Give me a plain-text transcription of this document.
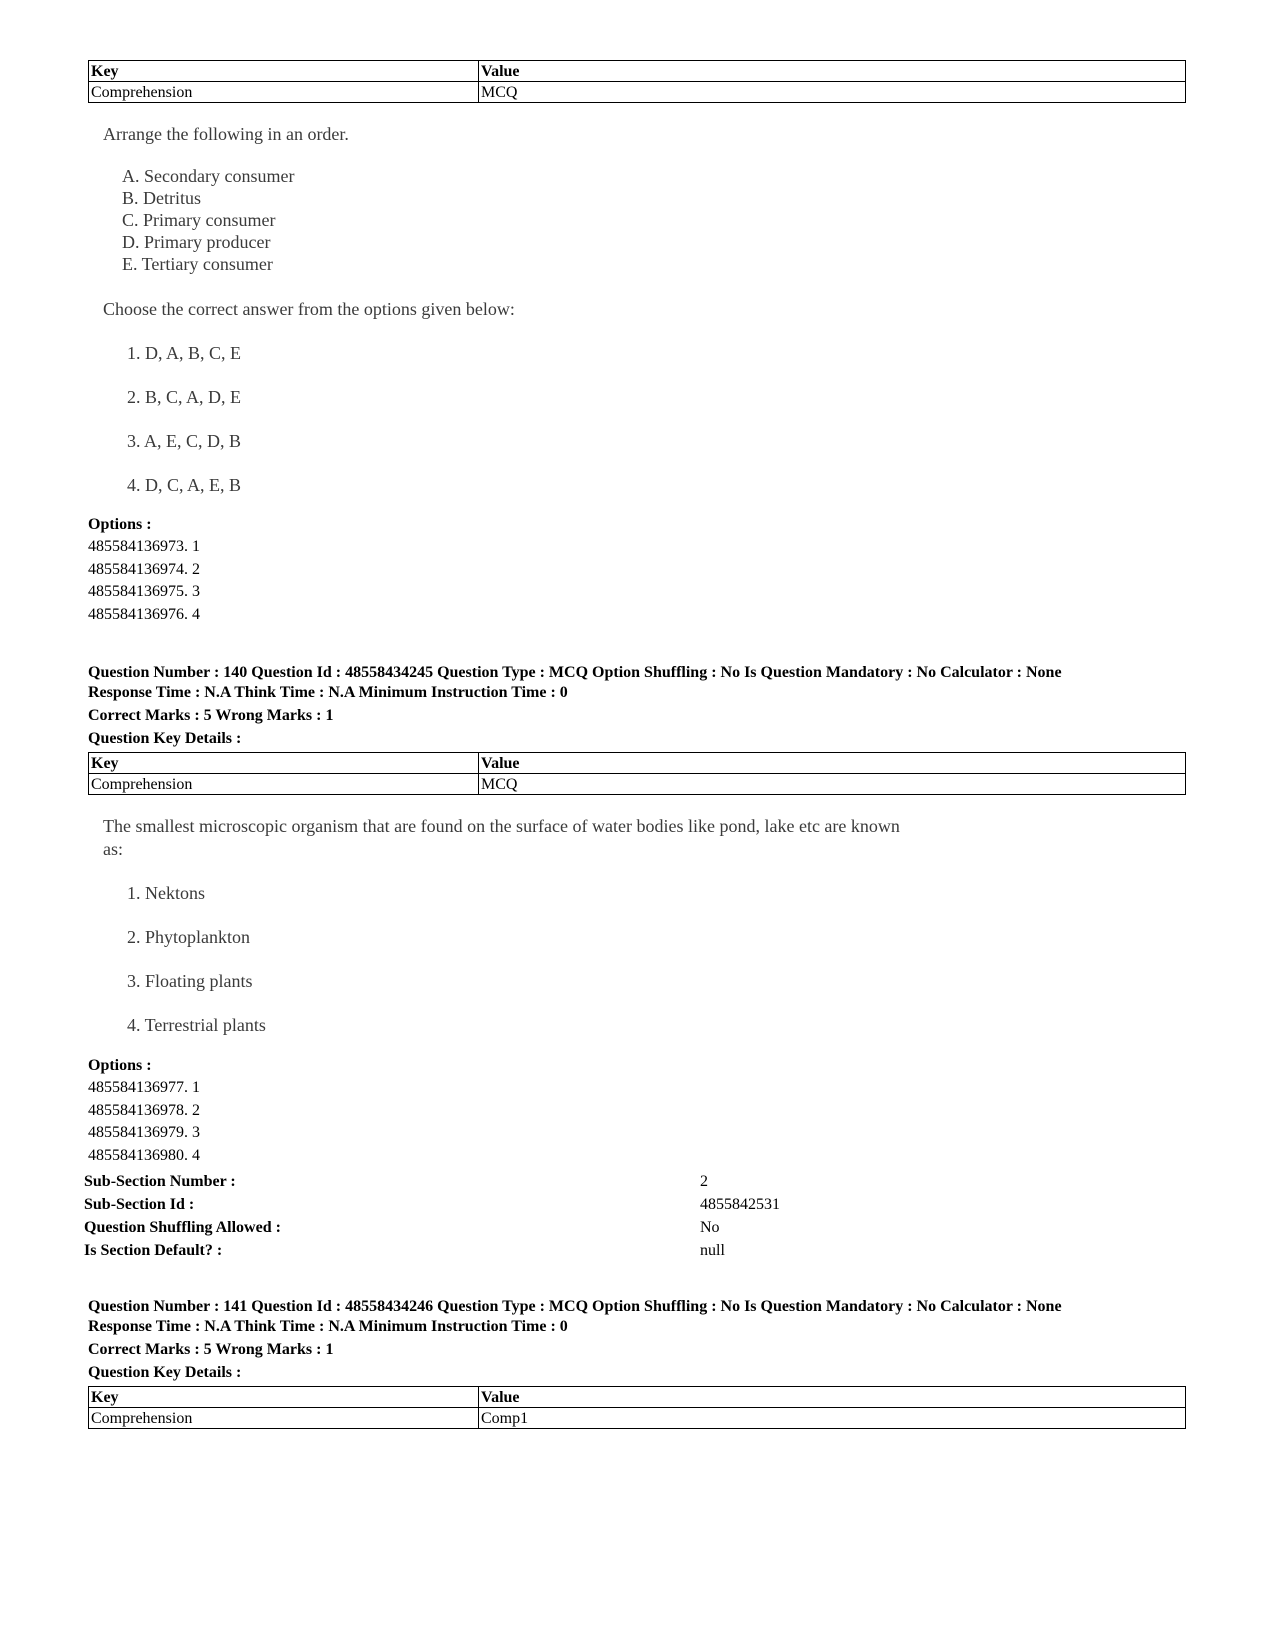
Key	Value
Comprehension	MCQ
Arrange the following in an order.
A. Secondary consumer
B. Detritus
C. Primary consumer
D. Primary producer
E. Tertiary consumer
Choose the correct answer from the options given below:
1. D, A, B, C, E
2. B, C, A, D, E
3. A, E, C, D, B
4. D, C, A, E, B
Options :
485584136973. 1
485584136974. 2
485584136975. 3
485584136976. 4
Question Number : 140 Question Id : 48558434245 Question Type : MCQ Option Shuffling : No Is Question Mandatory : No Calculator : None
Response Time : N.A Think Time : N.A Minimum Instruction Time : 0
Correct Marks : 5 Wrong Marks : 1
Question Key Details :
Key	Value
Comprehension	MCQ
The smallest microscopic organism that are found on the surface of water bodies like pond, lake etc are known
as:
1. Nektons
2. Phytoplankton
3. Floating plants
4. Terrestrial plants
Options :
485584136977. 1
485584136978. 2
485584136979. 3
485584136980. 4
Sub-Section Number :	2
Sub-Section Id :	4855842531
Question Shuffling Allowed :	No
Is Section Default? :	null
Question Number : 141 Question Id : 48558434246 Question Type : MCQ Option Shuffling : No Is Question Mandatory : No Calculator : None
Response Time : N.A Think Time : N.A Minimum Instruction Time : 0
Correct Marks : 5 Wrong Marks : 1
Question Key Details :
Key	Value
Comprehension	Comp1
